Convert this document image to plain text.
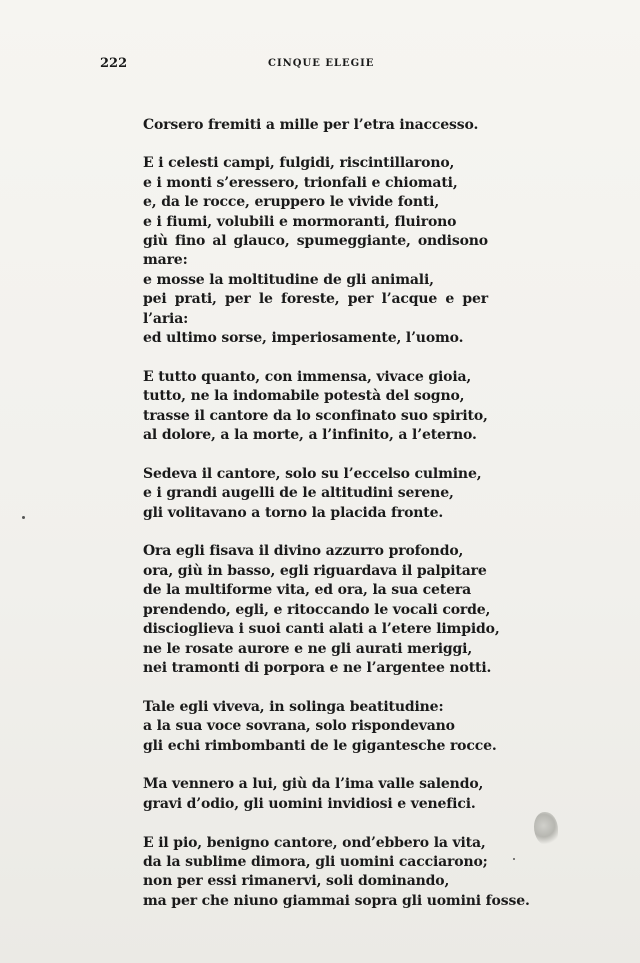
222	CINQUE ELEGIE
Corsero fremiti a mille per l’etra inaccesso.
E i celesti campi, fulgidi, riscintillarono,
e i monti s’eressero, trionfali e chiomati,
e, da le rocce, eruppero le vivide fonti,
e i fiumi, volubili e mormoranti, fluirono
giù fino al glauco, spumeggiante, ondisono mare:
e mosse la moltitudine de gli animali,
pei prati, per le foreste, per l’acque e per l’aria:
ed ultimo sorse, imperiosamente, l’uomo.
E tutto quanto, con immensa, vivace gioia,
tutto, ne la indomabile potestà del sogno,
trasse il cantore da lo sconfinato suo spirito,
al dolore, a la morte, a l’infinito, a l’eterno.
Sedeva il cantore, solo su l’eccelso culmine,
e i grandi augelli de le altitudini serene,
gli volitavano a torno la placida fronte.
Ora egli fisava il divino azzurro profondo,
ora, giù in basso, egli riguardava il palpitare
de la multiforme vita, ed ora, la sua cetera
prendendo, egli, e ritoccando le vocali corde,
discioglieva i suoi canti alati a l’etere limpido,
ne le rosate aurore e ne gli aurati meriggi,
nei tramonti di porpora e ne l’argentee notti.
Tale egli viveva, in solinga beatitudine:
a la sua voce sovrana, solo rispondevano
gli echi rimbombanti de le gigantesche rocce.
Ma vennero a lui, giù da l’ima valle salendo,
gravi d’odio, gli uomini invidiosi e venefici.
E il pio, benigno cantore, ond’ebbero la vita,
da la sublime dimora, gli uomini cacciarono;
non per essi rimanervi, soli dominando,
ma per che niuno giammai sopra gli uomini fosse.
